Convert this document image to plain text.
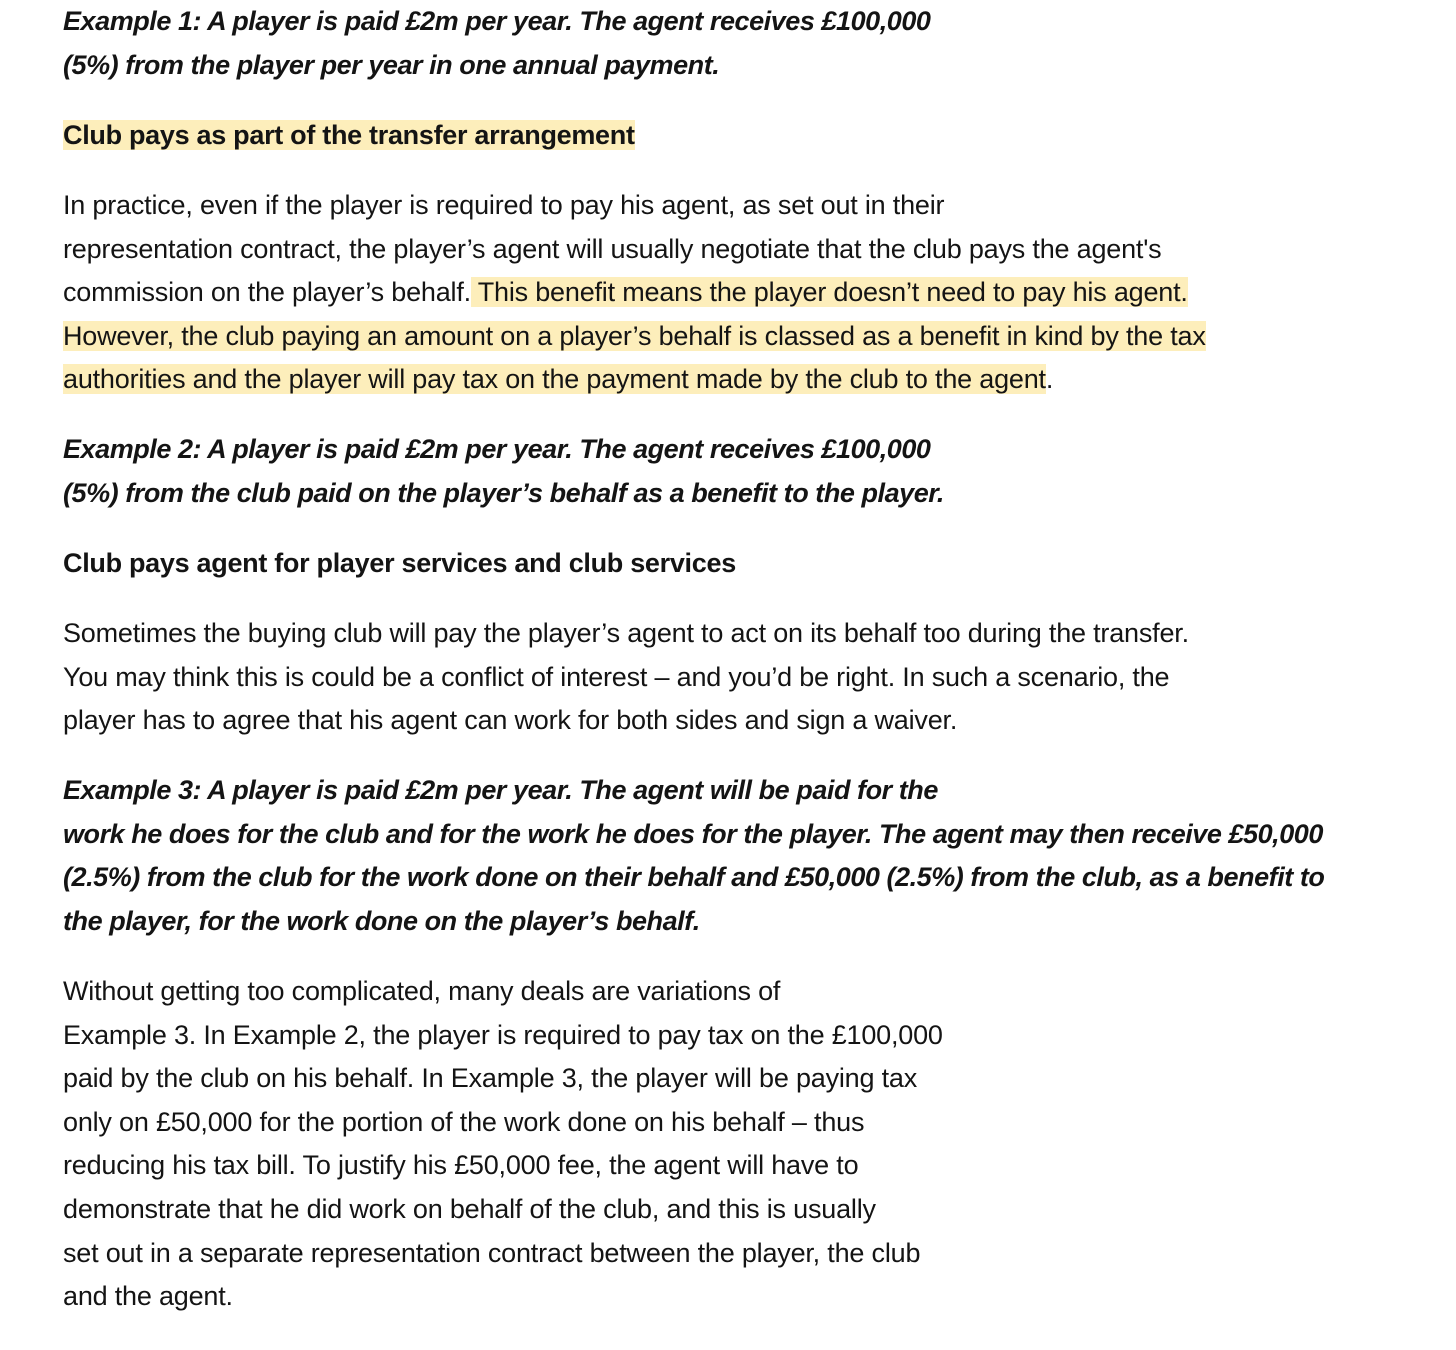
Example 1: A player is paid £2m per year. The agent receives £100,000
(5%) from the player per year in one annual payment.
Club pays as part of the transfer arrangement
In practice, even if the player is required to pay his agent, as set out in their
representation contract, the player’s agent will usually negotiate that the club pays the agent's
commission on the player’s behalf. This benefit means the player doesn’t need to pay his agent.
However, the club paying an amount on a player’s behalf is classed as a benefit in kind by the tax
authorities and the player will pay tax on the payment made by the club to the agent.
Example 2: A player is paid £2m per year. The agent receives £100,000
(5%) from the club paid on the player’s behalf as a benefit to the player.
Club pays agent for player services and club services
Sometimes the buying club will pay the player’s agent to act on its behalf too during the transfer.
You may think this is could be a conflict of interest – and you’d be right. In such a scenario, the
player has to agree that his agent can work for both sides and sign a waiver.
Example 3: A player is paid £2m per year. The agent will be paid for the
work he does for the club and for the work he does for the player. The agent may then receive £50,000
(2.5%) from the club for the work done on their behalf and £50,000 (2.5%) from the club, as a benefit to
the player, for the work done on the player’s behalf.
Without getting too complicated, many deals are variations of
Example 3. In Example 2, the player is required to pay tax on the £100,000
paid by the club on his behalf. In Example 3, the player will be paying tax
only on £50,000 for the portion of the work done on his behalf – thus
reducing his tax bill. To justify his £50,000 fee, the agent will have to
demonstrate that he did work on behalf of the club, and this is usually
set out in a separate representation contract between the player, the club
and the agent.
